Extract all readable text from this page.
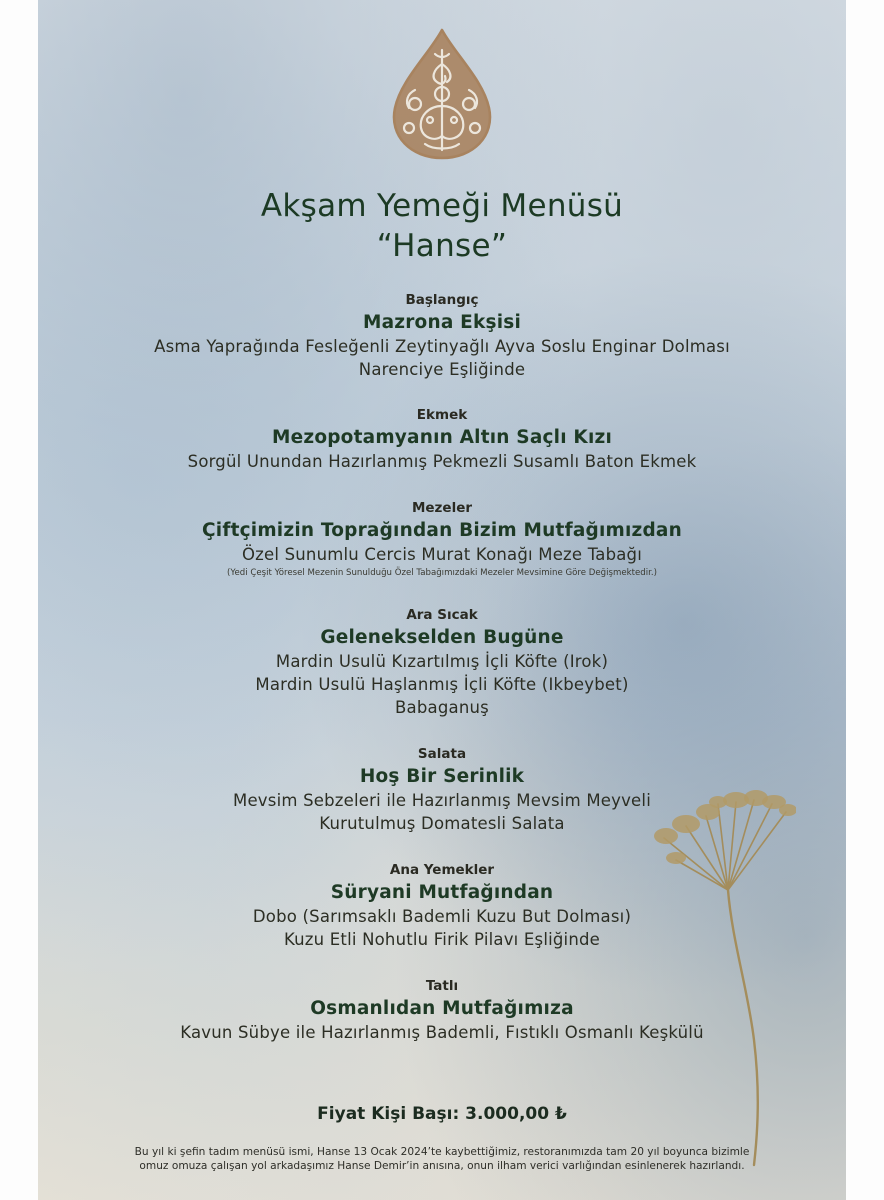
Akşam Yemeği Menüsü
“Hanse”
Başlangıç
Mazrona Ekşisi
Asma Yaprağında Fesleğenli Zeytinyağlı Ayva Soslu Enginar Dolması
Narenciye Eşliğinde
Ekmek
Mezopotamyanın Altın Saçlı Kızı
Sorgül Unundan Hazırlanmış Pekmezli Susamlı Baton Ekmek
Mezeler
Çiftçimizin Toprağından Bizim Mutfağımızdan
Özel Sunumlu Cercis Murat Konağı Meze Tabağı
(Yedi Çeşit Yöresel Mezenin Sunulduğu Özel Tabağımızdaki Mezeler Mevsimine Göre Değişmektedir.)
Ara Sıcak
Gelenekselden Bugüne
Mardin Usulü Kızartılmış İçli Köfte (Irok)
Mardin Usulü Haşlanmış İçli Köfte (Ikbeybet)
Babaganuş
Salata
Hoş Bir Serinlik
Mevsim Sebzeleri ile Hazırlanmış Mevsim Meyveli
Kurutulmuş Domatesli Salata
Ana Yemekler
Süryani Mutfağından
Dobo (Sarımsaklı Bademli Kuzu But Dolması)
Kuzu Etli Nohutlu Firik Pilavı Eşliğinde
Tatlı
Osmanlıdan Mutfağımıza
Kavun Sübye ile Hazırlanmış Bademli, Fıstıklı Osmanlı Keşkülü
Fiyat Kişi Başı: 3.000,00 ₺
Bu yıl ki şefin tadım menüsü ismi, Hanse 13 Ocak 2024’te kaybettiğimiz, restoranımızda tam 20 yıl boyunca bizimle
omuz omuza çalışan yol arkadaşımız Hanse Demir’in anısına, onun ilham verici varlığından esinlenerek hazırlandı.
